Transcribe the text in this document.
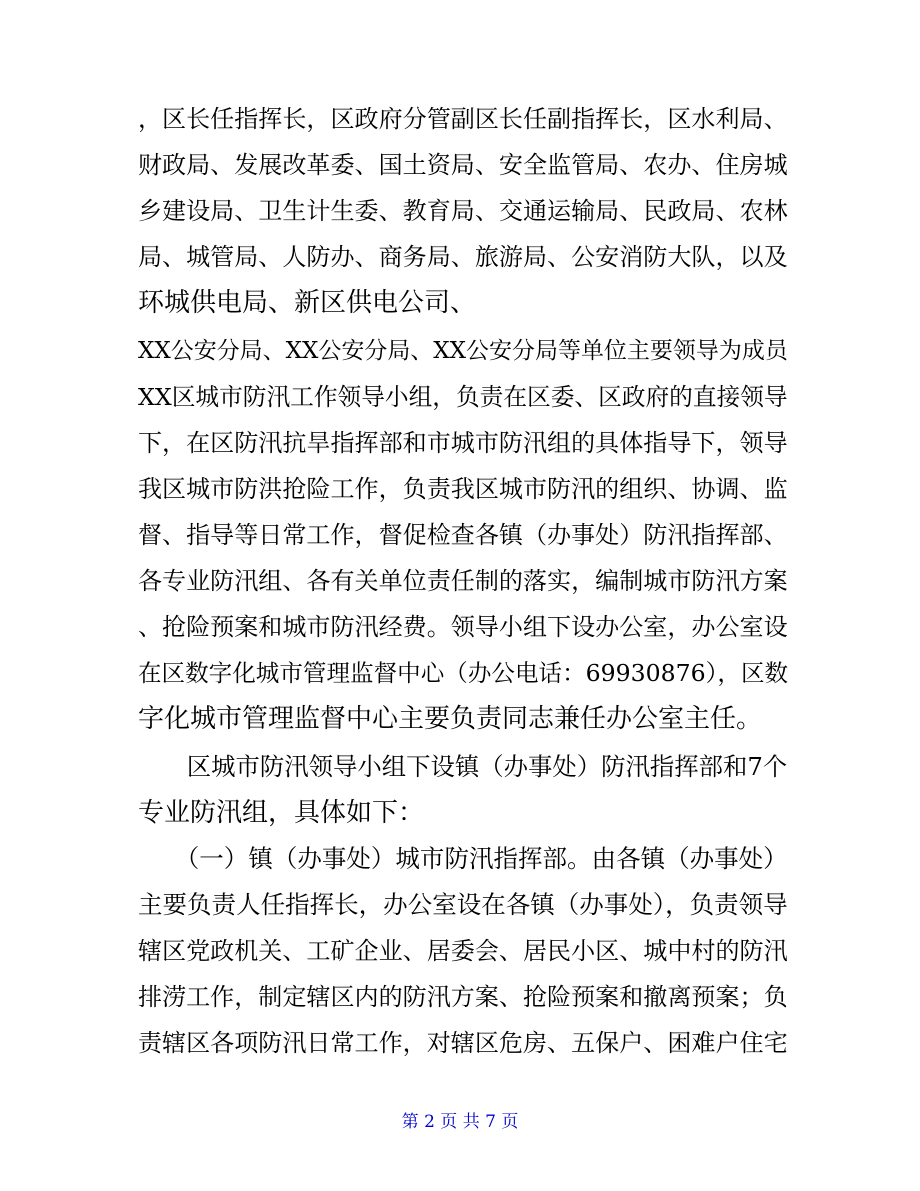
，区长任指挥长，区政府分管副区长任副指挥长，区水利局、
财政局、发展改革委、国土资局、安全监管局、农办、住房城
乡建设局、卫生计生委、教育局、交通运输局、民政局、农林
局、城管局、人防办、商务局、旅游局、公安消防大队，以及
环城供电局、新区供电公司、
XX公安分局、XX公安分局、XX公安分局等单位主要领导为成员
XX区城市防汛工作领导小组，负责在区委、区政府的直接领导
下，在区防汛抗旱指挥部和市城市防汛组的具体指导下，领导
我区城市防洪抢险工作，负责我区城市防汛的组织、协调、监
督、指导等日常工作，督促检查各镇（办事处）防汛指挥部、
各专业防汛组、各有关单位责任制的落实，编制城市防汛方案
、抢险预案和城市防汛经费。领导小组下设办公室，办公室设
在区数字化城市管理监督中心（办公电话：69930876），区数
字化城市管理监督中心主要负责同志兼任办公室主任。
　　区城市防汛领导小组下设镇（办事处）防汛指挥部和7个
专业防汛组，具体如下：
　　（一）镇（办事处）城市防汛指挥部。由各镇（办事处）
主要负责人任指挥长，办公室设在各镇（办事处），负责领导
辖区党政机关、工矿企业、居委会、居民小区、城中村的防汛
排涝工作，制定辖区内的防汛方案、抢险预案和撤离预案；负
责辖区各项防汛日常工作，对辖区危房、五保户、困难户住宅
第 2 页 共 7 页
